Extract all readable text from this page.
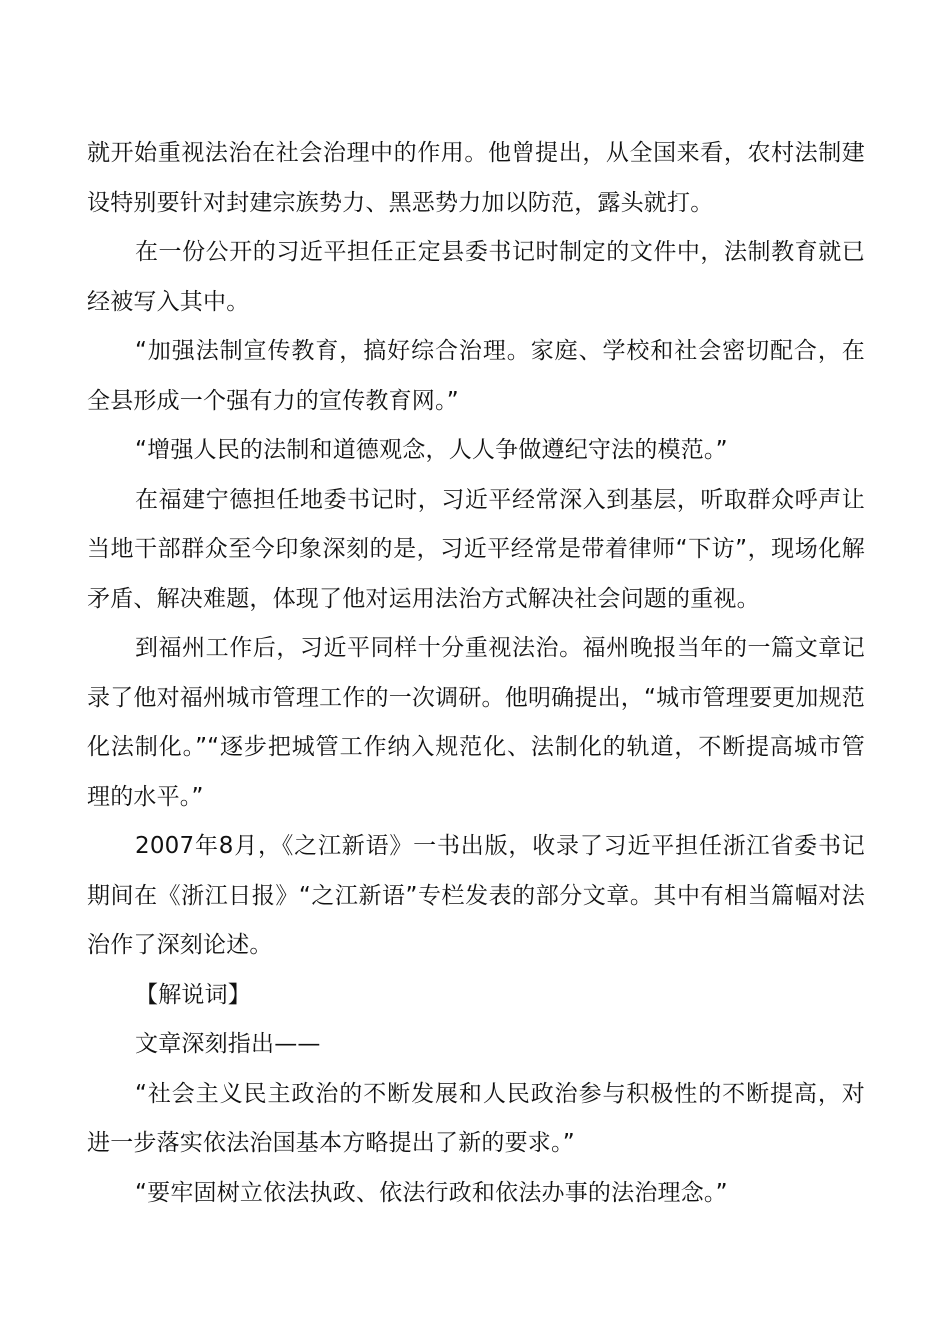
就开始重视法治在社会治理中的作用。他曾提出，从全国来看，农村法制建设特别要针对封建宗族势力、黑恶势力加以防范，露头就打。

在一份公开的习近平担任正定县委书记时制定的文件中，法制教育就已经被写入其中。

“加强法制宣传教育，搞好综合治理。家庭、学校和社会密切配合，在全县形成一个强有力的宣传教育网。”

“增强人民的法制和道德观念，人人争做遵纪守法的模范。”

在福建宁德担任地委书记时，习近平经常深入到基层，听取群众呼声让当地干部群众至今印象深刻的是，习近平经常是带着律师“下访”，现场化解矛盾、解决难题，体现了他对运用法治方式解决社会问题的重视。

到福州工作后，习近平同样十分重视法治。福州晚报当年的一篇文章记录了他对福州城市管理工作的一次调研。他明确提出，“城市管理要更加规范化法制化。”“逐步把城管工作纳入规范化、法制化的轨道，不断提高城市管理的水平。”

2007年8月，《之江新语》一书出版，收录了习近平担任浙江省委书记期间在《浙江日报》“之江新语”专栏发表的部分文章。其中有相当篇幅对法治作了深刻论述。

【解说词】

文章深刻指出——

“社会主义民主政治的不断发展和人民政治参与积极性的不断提高，对进一步落实依法治国基本方略提出了新的要求。”

“要牢固树立依法执政、依法行政和依法办事的法治理念。”
